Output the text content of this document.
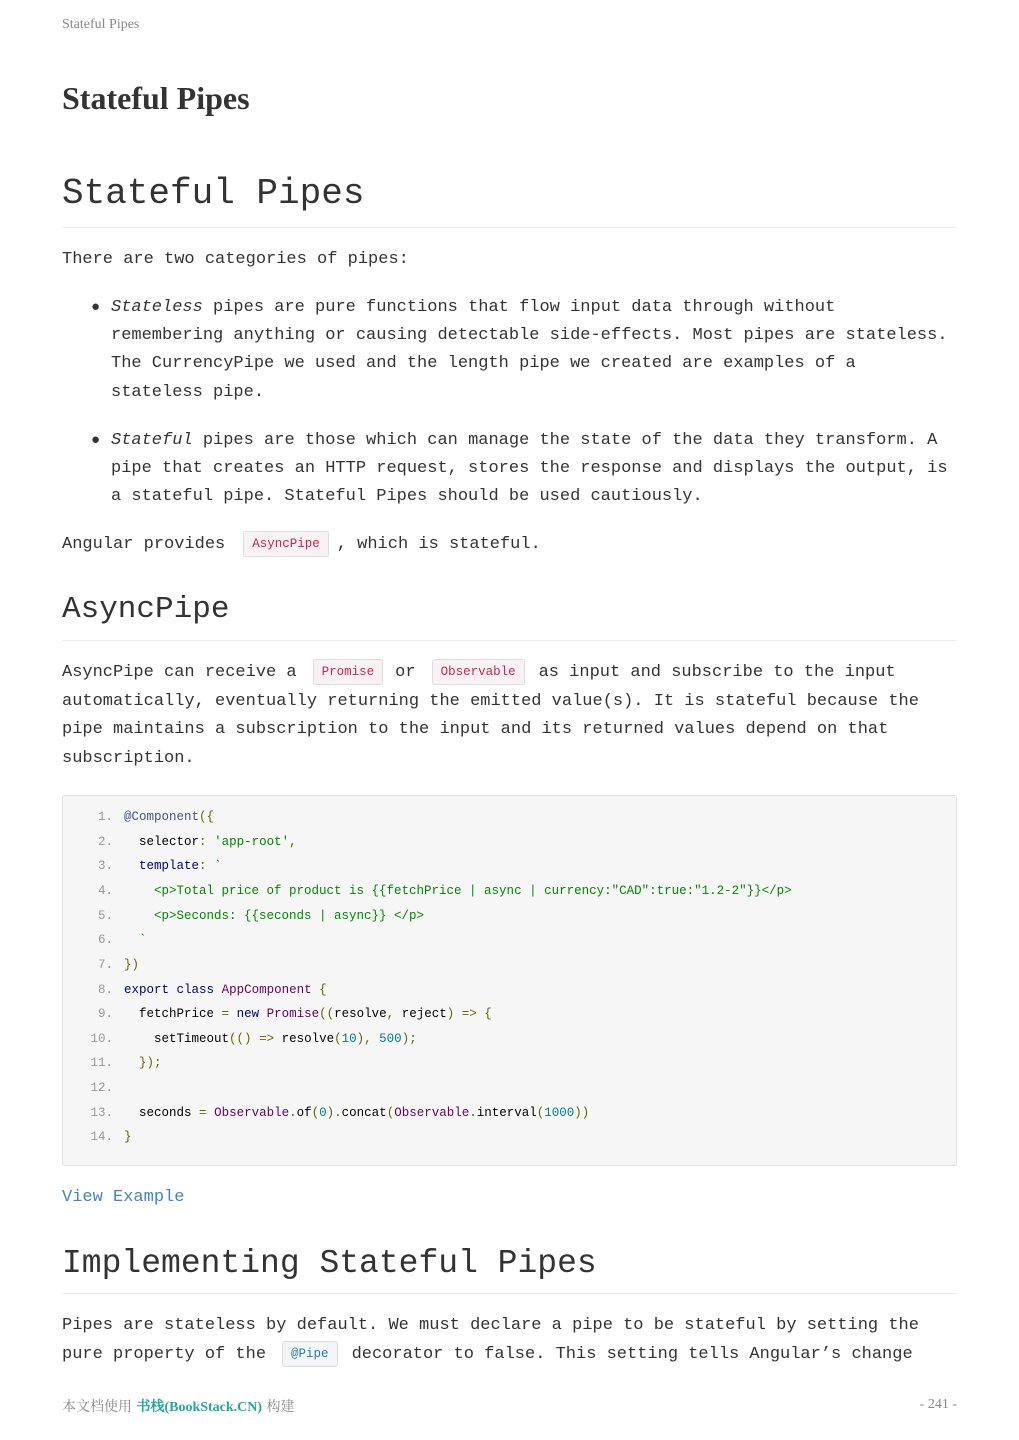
Stateful Pipes
Stateful Pipes
Stateful Pipes

There are two categories of pipes:

● Stateless pipes are pure functions that flow input data through without remembering anything or causing detectable side-effects. Most pipes are stateless. The CurrencyPipe we used and the length pipe we created are examples of a stateless pipe.
● Stateful pipes are those which can manage the state of the data they transform. A pipe that creates an HTTP request, stores the response and displays the output, is a stateful pipe. Stateful Pipes should be used cautiously.

Angular provides AsyncPipe , which is stateful.

AsyncPipe

AsyncPipe can receive a Promise or Observable as input and subscribe to the input automatically, eventually returning the emitted value(s). It is stateful because the pipe maintains a subscription to the input and its returned values depend on that subscription.

1. @Component({
2. selector: 'app-root',
3. template: `
4.    <p>Total price of product is {{fetchPrice | async | currency:"CAD":true:"1.2-2"}}</p>
5.    <p>Seconds: {{seconds | async}} </p>
6.  `
7. })
8. export class AppComponent {
9. fetchPrice = new Promise((resolve, reject) => {
10.	setTimeout(() => resolve(10), 500);
11. });
12.
13. seconds = Observable.of(0).concat(Observable.interval(1000))
14. }
View Example
Implementing Stateful Pipes

Pipes are stateless by default. We must declare a pipe to be stateful by setting the pure property of the @Pipe decorator to false. This setting tells Angular’s change

本文档使用 书栈(BookStack.CN) 构建	- 241 -
